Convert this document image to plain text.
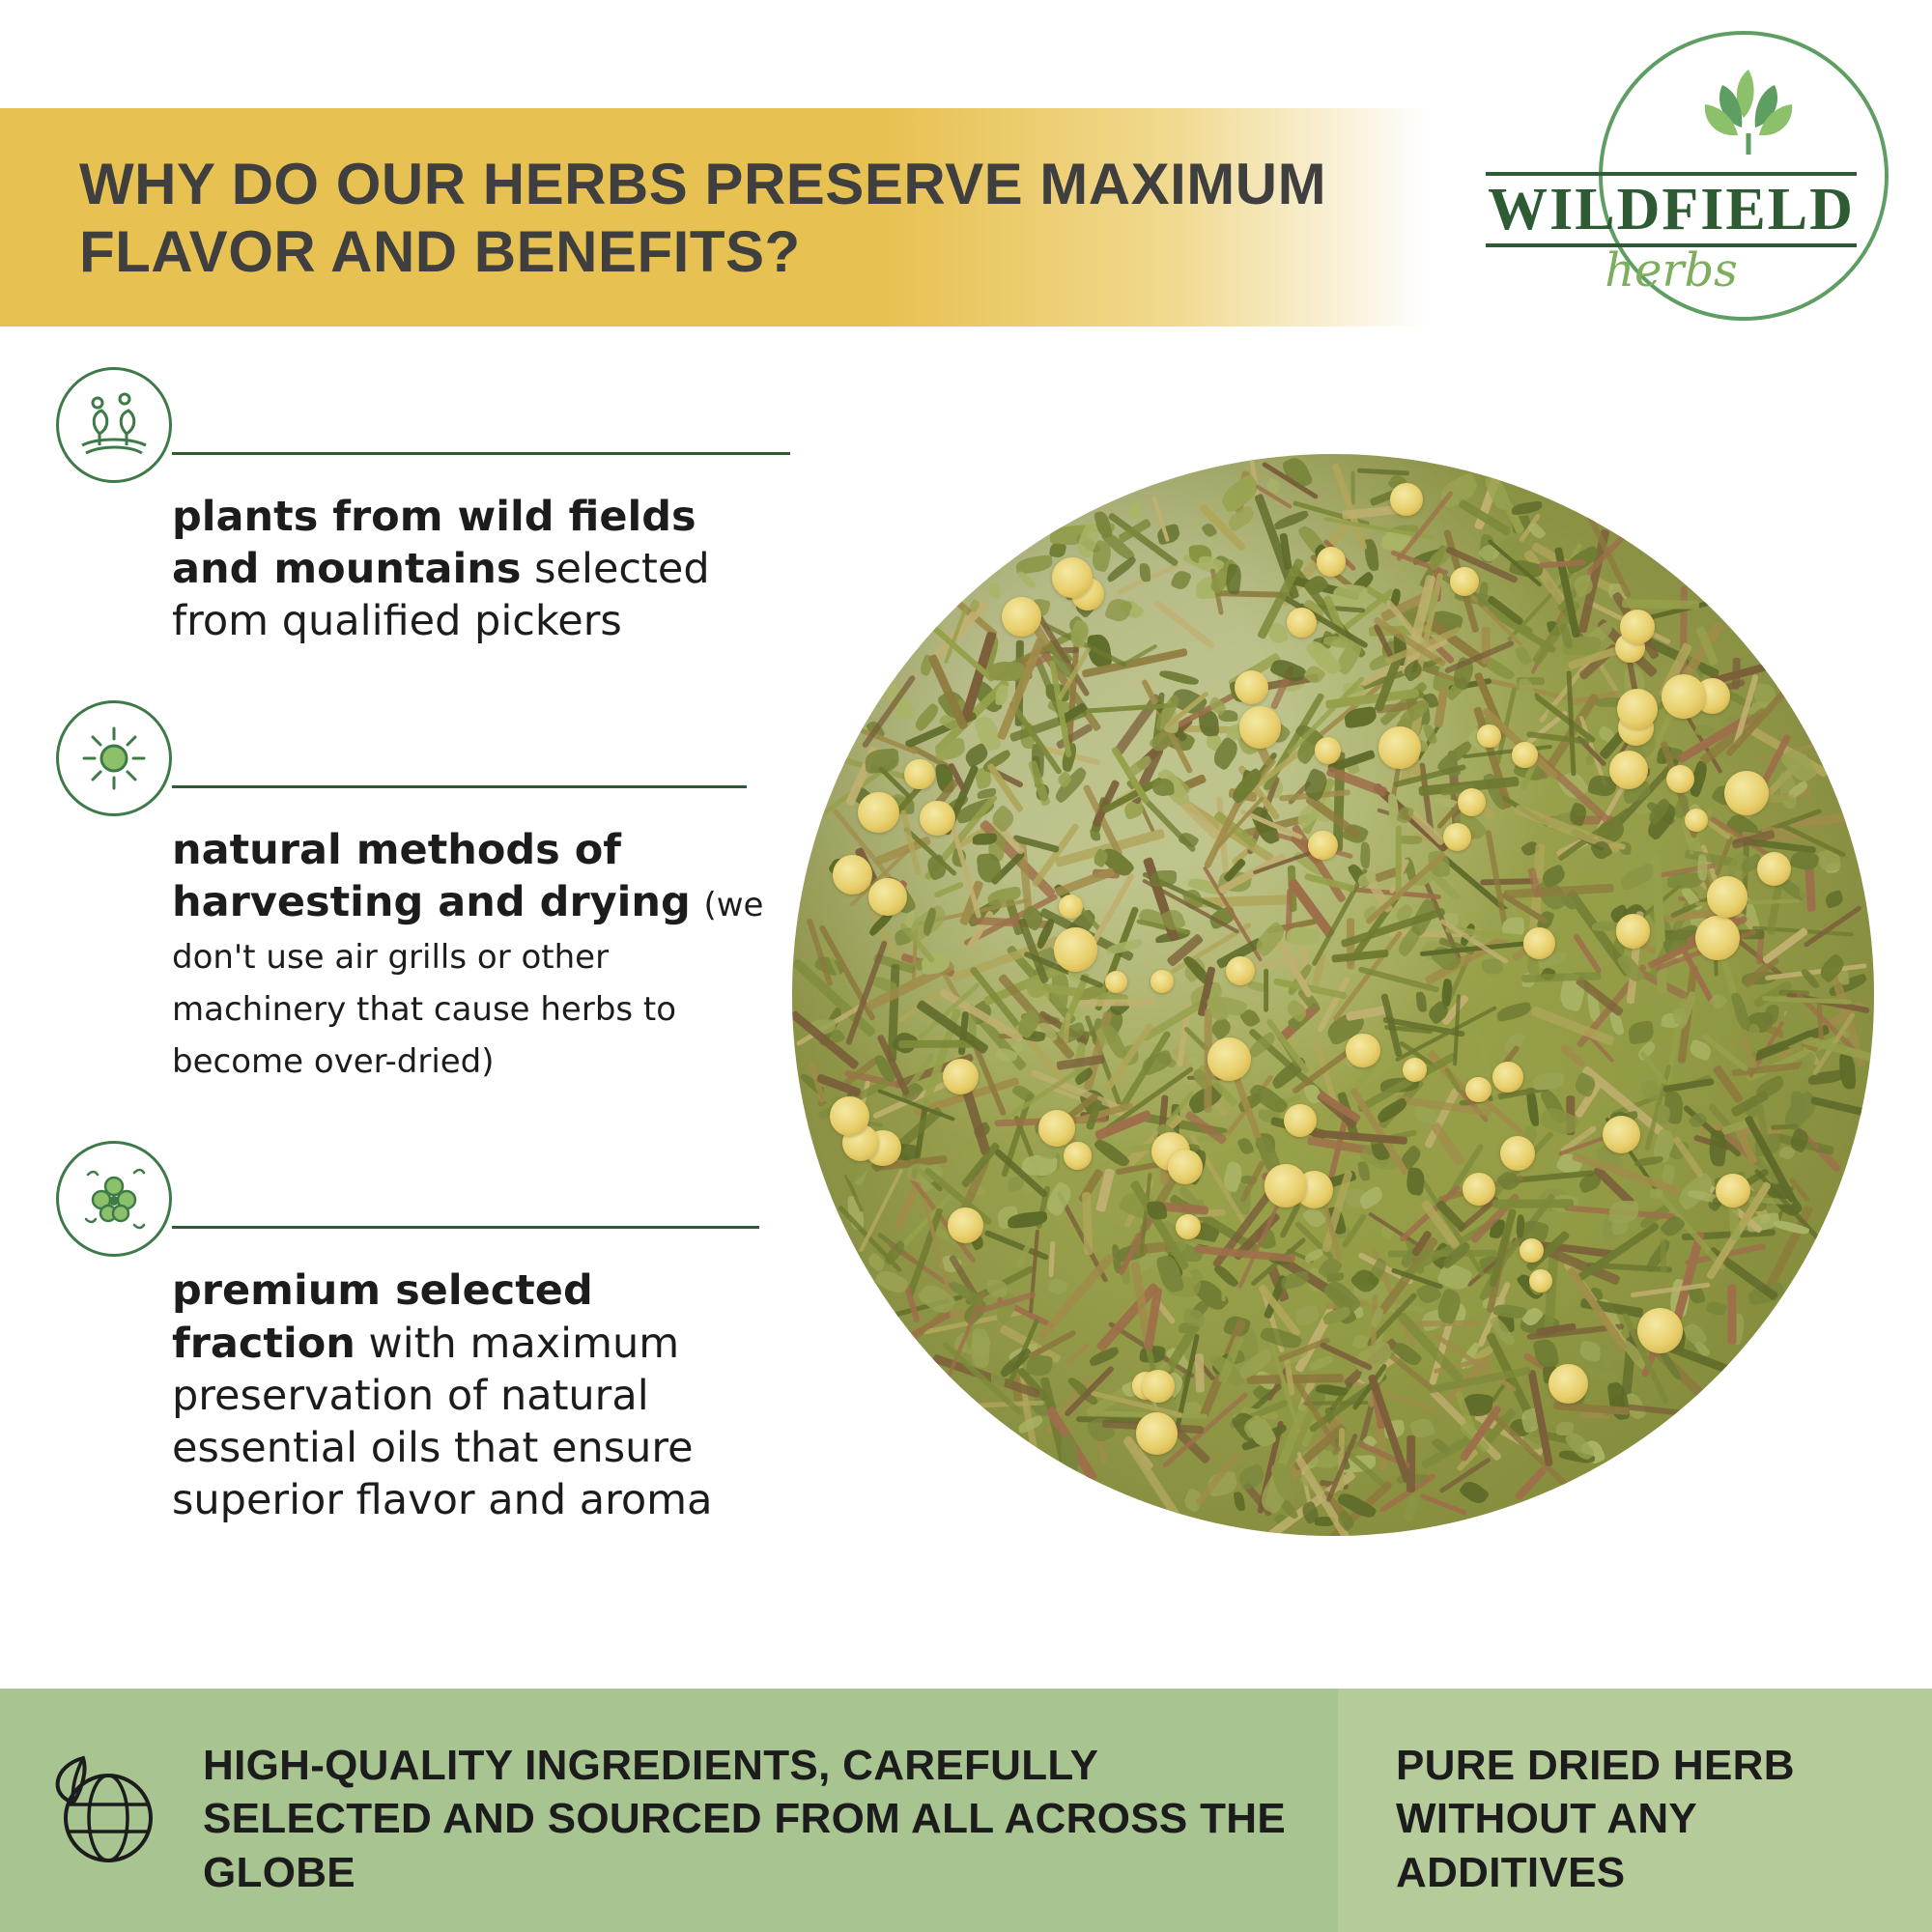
WHY DO OUR HERBS PRESERVE MAXIMUM FLAVOR AND BENEFITS?
WILDFIELD
herbs
plants from wild fields and mountains selected from qualified pickers
natural methods of harvesting and drying (we don't use air grills or other machinery that cause herbs to become over-dried)
premium selected fraction with maximum preservation of natural essential oils that ensure superior flavor and aroma
HIGH-QUALITY INGREDIENTS, CAREFULLY SELECTED AND SOURCED FROM ALL ACROSS THE GLOBE
PURE DRIED HERB WITHOUT ANY ADDITIVES
